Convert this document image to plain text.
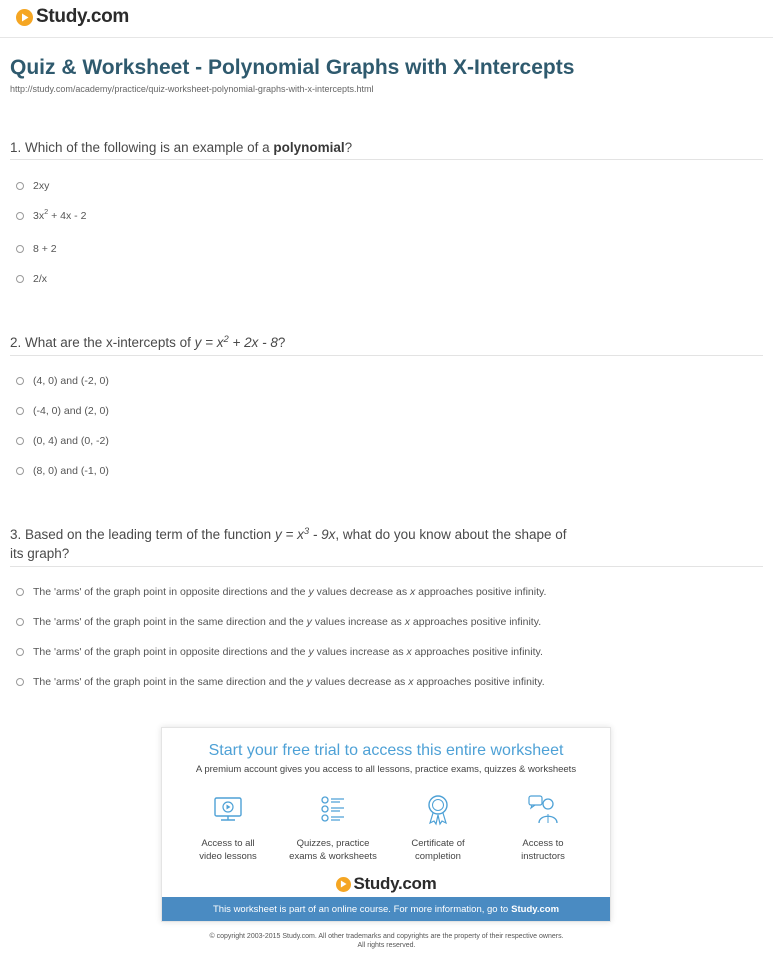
Study.com
Quiz & Worksheet - Polynomial Graphs with X-Intercepts
http://study.com/academy/practice/quiz-worksheet-polynomial-graphs-with-x-intercepts.html
1. Which of the following is an example of a polynomial?
2xy
$3x^2 + 4x - 2$
8 + 2
2/x
2. What are the x-intercepts of $y = x^2 + 2x - 8$?
(4, 0) and (-2, 0)
(-4, 0) and (2, 0)
(0, 4) and (0, -2)
(8, 0) and (-1, 0)
3. Based on the leading term of the function $y = x^3 - 9x$, what do you know about the shape of
its graph?
The 'arms' of the graph point in opposite directions and the y values decrease as x approaches positive infinity.
The 'arms' of the graph point in the same direction and the y values increase as x approaches positive infinity.
The 'arms' of the graph point in opposite directions and the y values increase as x approaches positive infinity.
The 'arms' of the graph point in the same direction and the y values decrease as x approaches positive infinity.
Start your free trial to access this entire worksheet
A premium account gives you access to all lessons, practice exams, quizzes & worksheets
Access to all
video lessons
Quizzes, practice
exams & worksheets
Certificate of
completion
Access to
instructors
Study.com
This worksheet is part of an online course. For more information, go to Study.com
© copyright 2003-2015 Study.com. All other trademarks and copyrights are the property of their respective owners.
All rights reserved.
